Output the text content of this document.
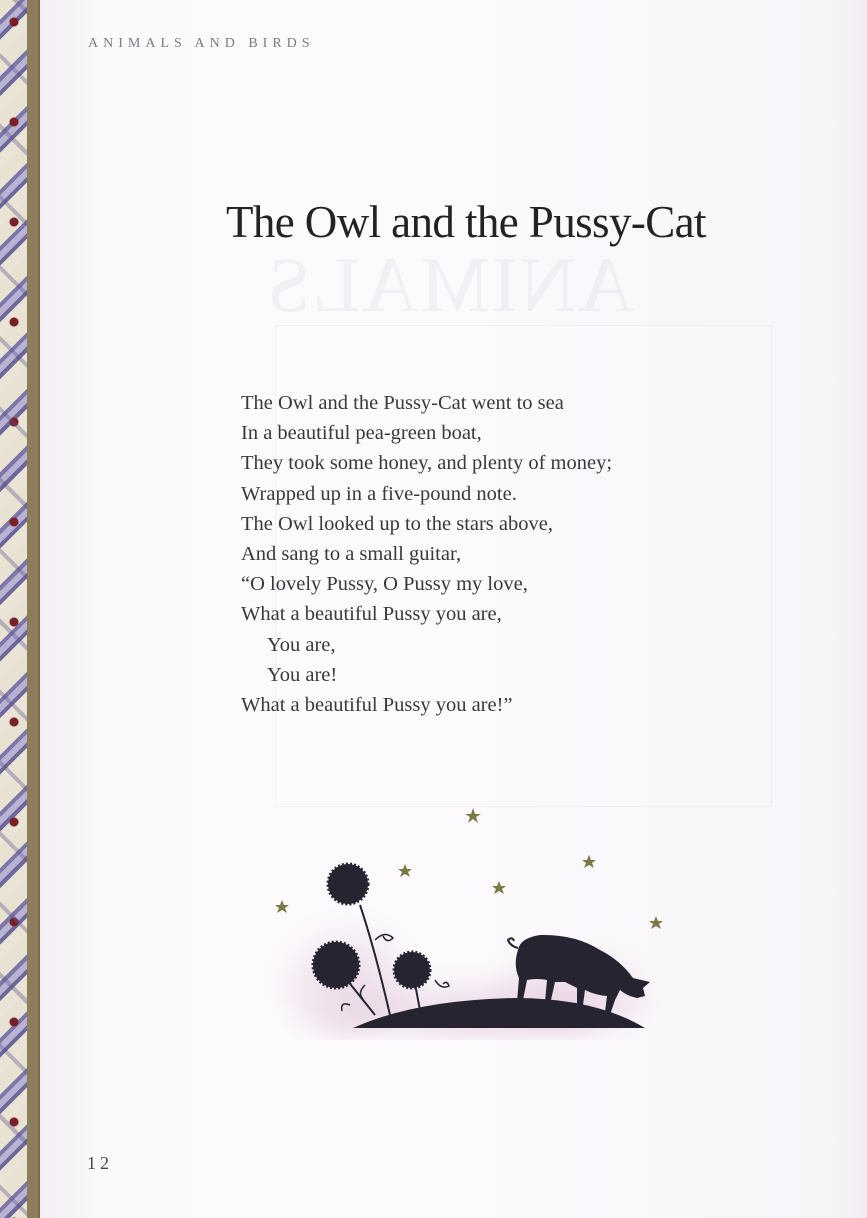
ANIMALS
ANIMALS AND BIRDS
The Owl and the Pussy-Cat
The Owl and the Pussy-Cat went to sea
In a beautiful pea-green boat,
They took some honey, and plenty of money;
Wrapped up in a five-pound note.
The Owl looked up to the stars above,
And sang to a small guitar,
“O lovely Pussy, O Pussy my love,
What a beautiful Pussy you are,
You are,
You are!
What a beautiful Pussy you are!”
12
